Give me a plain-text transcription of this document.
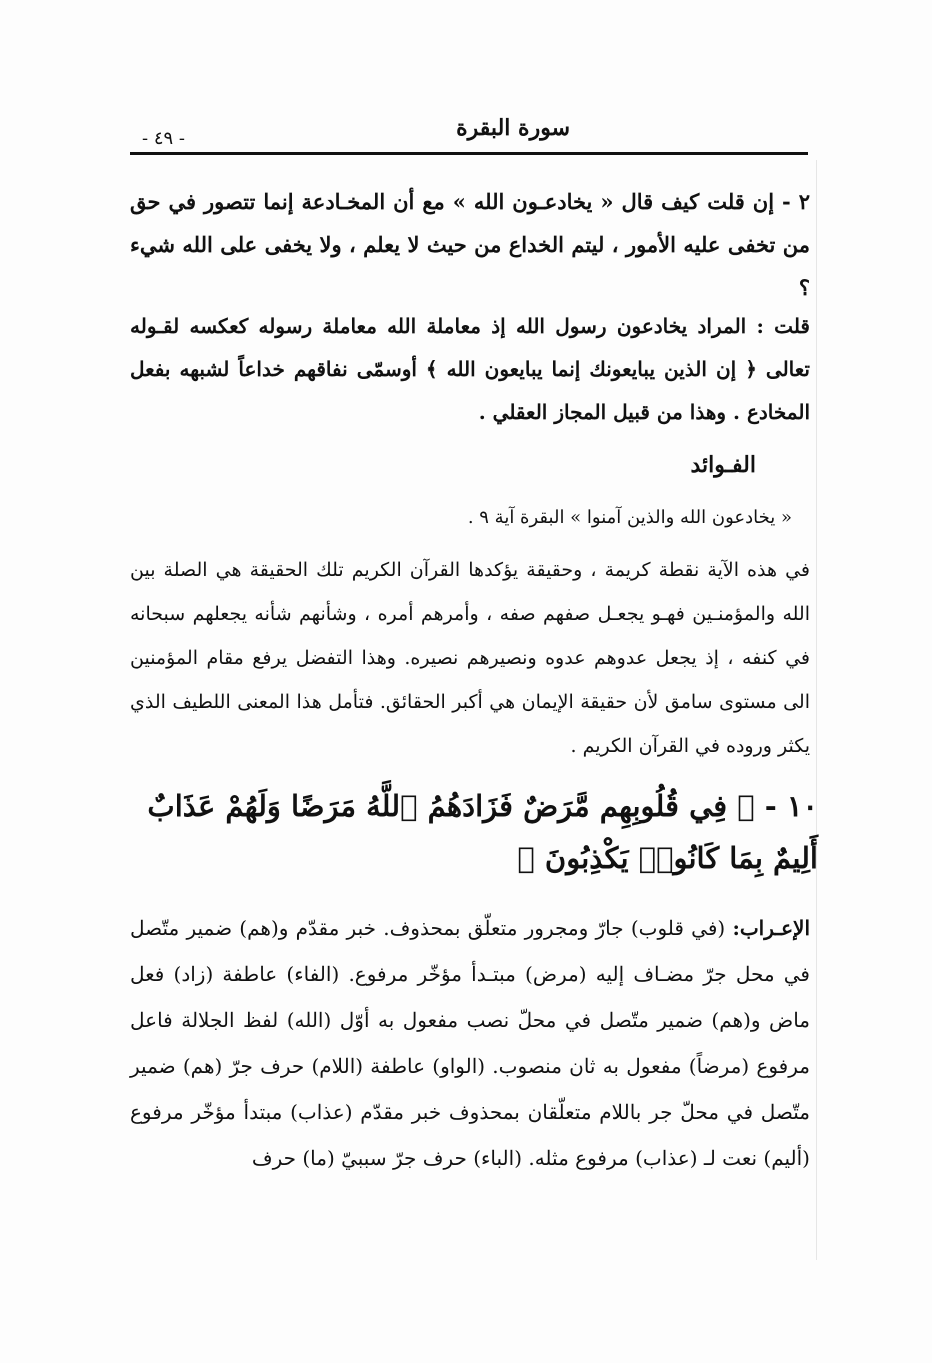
سورة البقرة
- ٤٩ -
٢ - إن قلت كيف قال « يخادعـون الله » مع أن المخـادعة إنما تتصور في حق من تخفى عليه الأمور ، ليتم الخداع من حيث لا يعلم ، ولا يخفى على الله شيء ؟
قلت : المراد يخادعون رسول الله إذ معاملة الله معاملة رسوله كعكسه لقـوله تعالى ﴿ إن الذين يبايعونك إنما يبايعون الله ﴾ أوسمّى نفاقهم خداعاً لشبهه بفعل المخادع . وهذا من قبيل المجاز العقلي .
الفـوائد
« يخادعون الله والذين آمنوا » البقرة آية ٩ .
في هذه الآية نقطة كريمة ، وحقيقة يؤكدها القرآن الكريم تلك الحقيقة هي الصلة بين الله والمؤمنـين فهـو يجعـل صفهم صفه ، وأمرهم أمره ، وشأنهم شأنه يجعلهم سبحانه في كنفه ، إذ يجعل عدوهم عدوه ونصيرهم نصيره. وهذا التفضل يرفع مقام المؤمنين الى مستوى سامق لأن حقيقة الإيمان هي أكبر الحقائق. فتأمل هذا المعنى اللطيف الذي يكثر وروده في القرآن الكريم .
١٠ - ﴿ فِي قُلُوبِهِم مَّرَضٌ فَزَادَهُمُ ٱللَّهُ مَرَضًا وَلَهُمْ عَذَابٌ أَلِيمٌ بِمَا كَانُوا۟ يَكْذِبُونَ ﴾
الإعـراب: (في قلوب) جارّ ومجرور متعلّق بمحذوف. خبر مقدّم و(هم) ضمير متّصل في محل جرّ مضـاف إليه (مرض) مبتـدأ مؤخّر مرفوع. (الفاء) عاطفة (زاد) فعل ماض و(هم) ضمير متّصل في محلّ نصب مفعول به أوّل (الله) لفظ الجلالة فاعل مرفوع (مرضاً) مفعول به ثان منصوب. (الواو) عاطفة (اللام) حرف جرّ (هم) ضمير متّصل في محلّ جر باللام متعلّقان بمحذوف خبر مقدّم (عذاب) مبتدأ مؤخّر مرفوع (أليم) نعت لـ (عذاب) مرفوع مثله. (الباء) حرف جرّ سببيّ (ما) حرف
